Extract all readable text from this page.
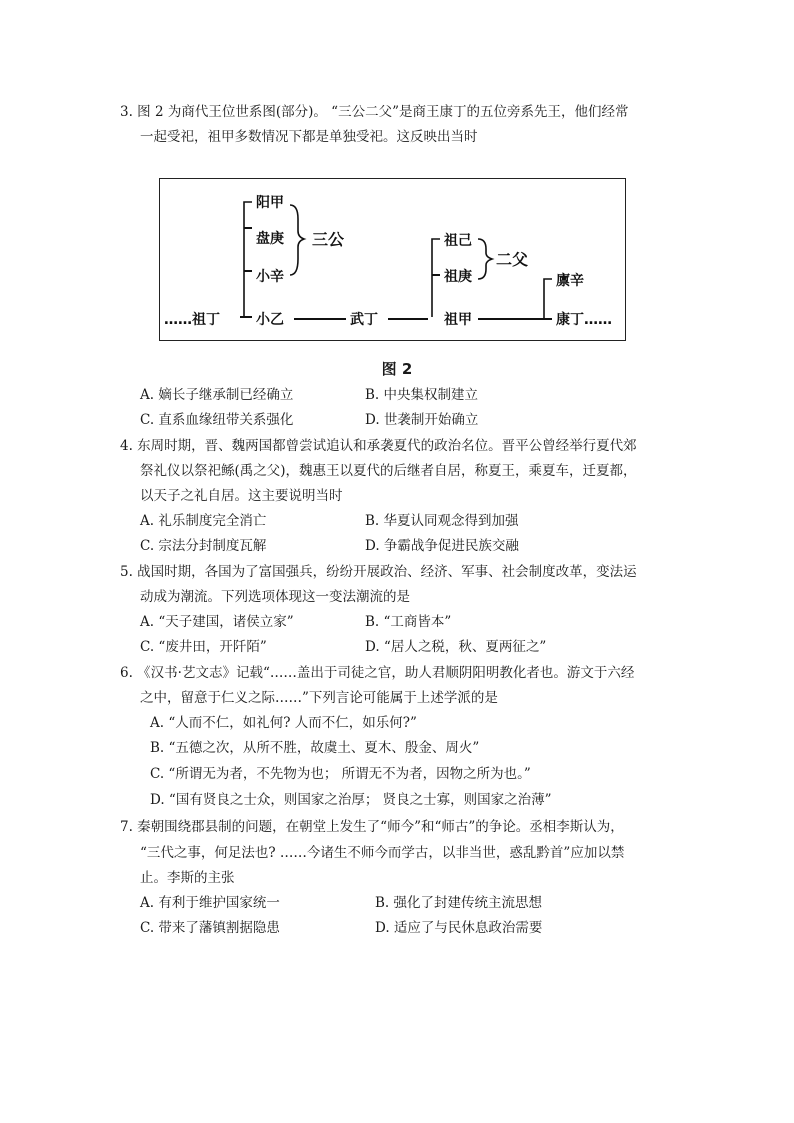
3. 图 2 为商代王位世系图(部分)。 “三公二父”是商王康丁的五位旁系先王，他们经常
一起受祀，祖甲多数情况下都是单独受祀。这反映出当时
……祖丁
阳甲
盘庚
小辛
小乙
三公
武丁
祖己
祖庚
祖甲
二父
廪辛
康丁……
图 2
A. 嫡长子继承制已经确立	B. 中央集权制建立
C. 直系血缘纽带关系强化	D. 世袭制开始确立
4. 东周时期，晋、魏两国都曾尝试追认和承袭夏代的政治名位。晋平公曾经举行夏代郊
祭礼仪以祭祀鲧(禹之父)，魏惠王以夏代的后继者自居，称夏王，乘夏车，迁夏都，
以天子之礼自居。这主要说明当时
A. 礼乐制度完全消亡	B. 华夏认同观念得到加强
C. 宗法分封制度瓦解	D. 争霸战争促进民族交融
5. 战国时期，各国为了富国强兵，纷纷开展政治、经济、军事、社会制度改革，变法运
动成为潮流。下列选项体现这一变法潮流的是
A. “天子建国，诸侯立家”	B. “工商皆本”
C. “废井田，开阡陌”	D. “居人之税，秋、夏两征之”
6. 《汉书·艺文志》记载“……盖出于司徒之官，助人君顺阴阳明教化者也。游文于六经
之中，留意于仁义之际……”下列言论可能属于上述学派的是
A. “人而不仁，如礼何? 人而不仁，如乐何?”
B. “五德之次，从所不胜，故虞土、夏木、殷金、周火”
C. “所谓无为者，不先物为也； 所谓无不为者，因物之所为也。”
D. “国有贤良之士众，则国家之治厚； 贤良之士寡，则国家之治薄”
7. 秦朝围绕郡县制的问题，在朝堂上发生了“师今”和“师古”的争论。丞相李斯认为，
“三代之事，何足法也? ……今诸生不师今而学古，以非当世，惑乱黔首”应加以禁
止。李斯的主张
A. 有利于维护国家统一	B. 强化了封建传统主流思想
C. 带来了藩镇割据隐患	D. 适应了与民休息政治需要
